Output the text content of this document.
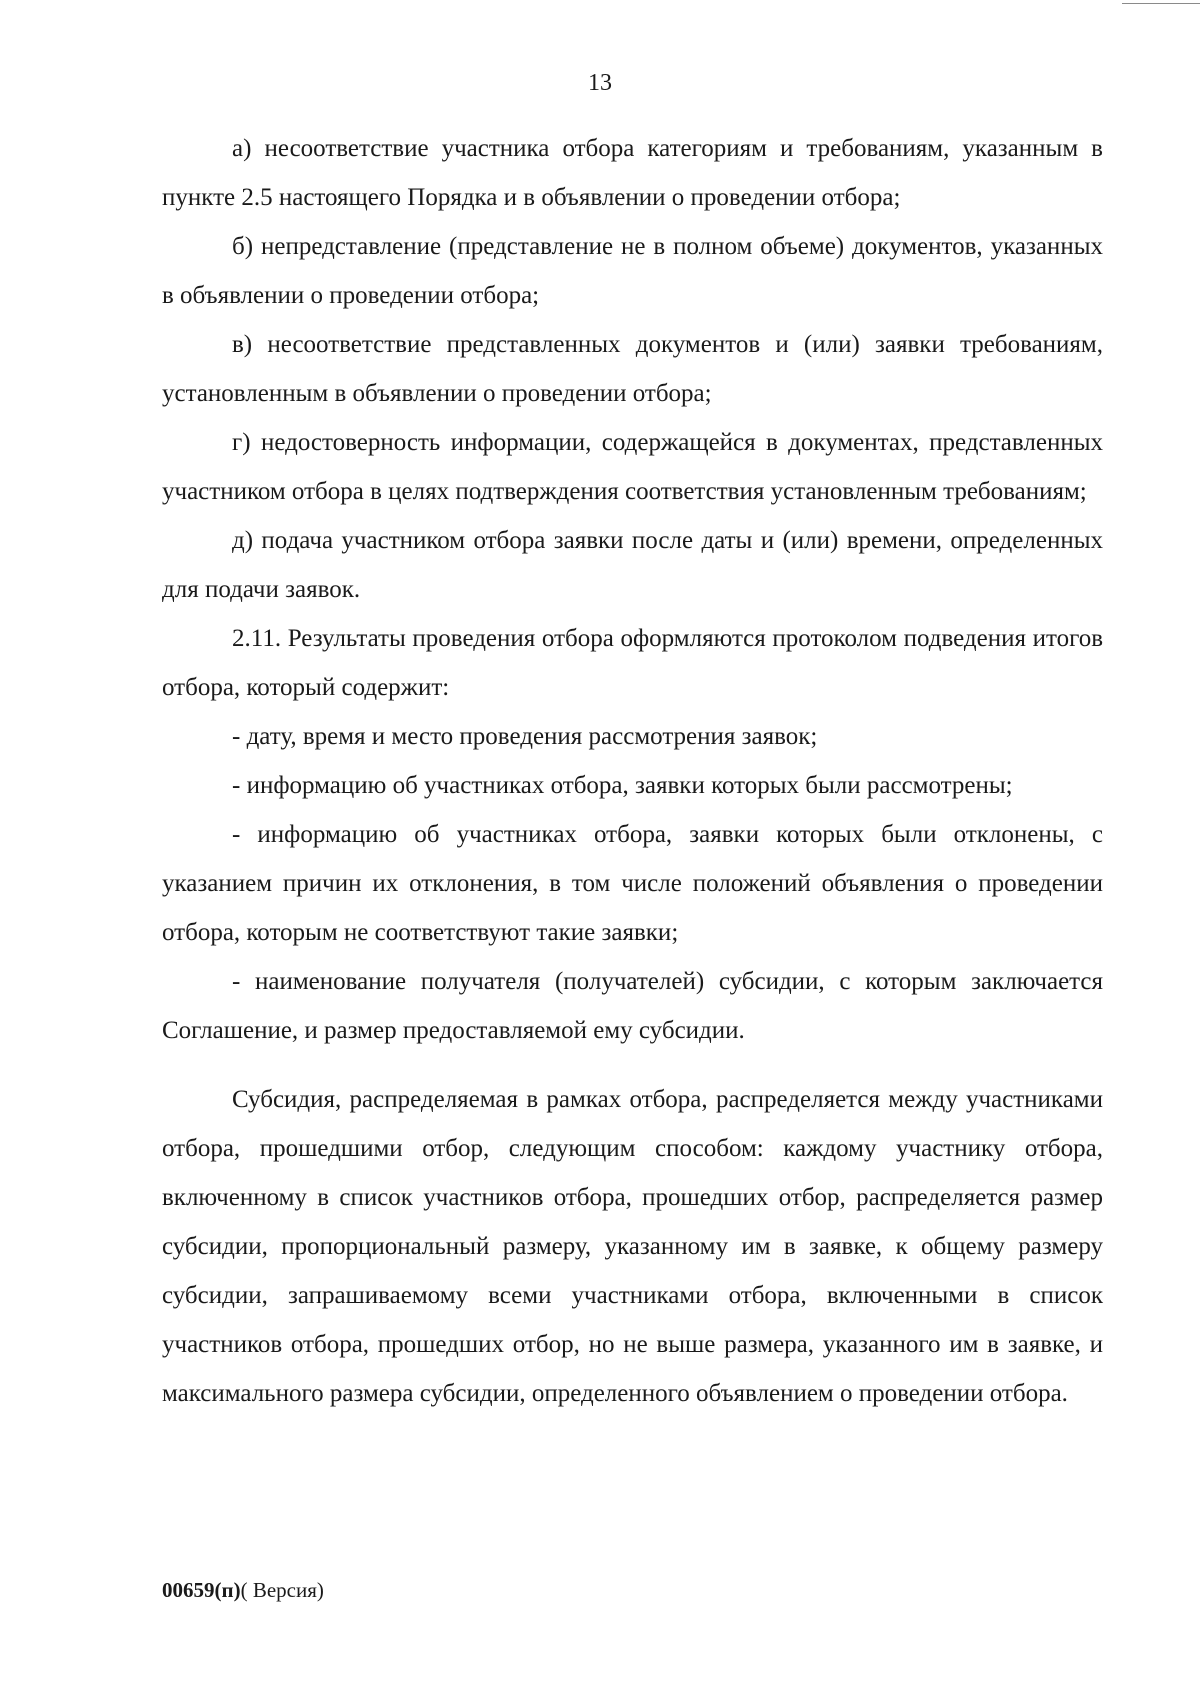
13

а) несоответствие участника отбора категориям и требованиям, указанным в пункте 2.5 настоящего Порядка и в объявлении о проведении отбора;

б) непредставление (представление не в полном объеме) документов, указанных в объявлении о проведении отбора;

в) несоответствие представленных документов и (или) заявки требованиям, установленным в объявлении о проведении отбора;

г) недостоверность информации, содержащейся в документах, представленных участником отбора в целях подтверждения соответствия установленным требованиям;

д) подача участником отбора заявки после даты и (или) времени, определенных для подачи заявок.

2.11. Результаты проведения отбора оформляются протоколом подведения итогов отбора, который содержит:

- дату, время и место проведения рассмотрения заявок;

- информацию об участниках отбора, заявки которых были рассмотрены;

- информацию об участниках отбора, заявки которых были отклонены, с указанием причин их отклонения, в том числе положений объявления о проведении отбора, которым не соответствуют такие заявки;

- наименование получателя (получателей) субсидии, с которым заключается Соглашение, и размер предоставляемой ему субсидии.

Субсидия, распределяемая в рамках отбора, распределяется между участниками отбора, прошедшими отбор, следующим способом: каждому участнику отбора, включенному в список участников отбора, прошедших отбор, распределяется размер субсидии, пропорциональный размеру, указанному им в заявке, к общему размеру субсидии, запрашиваемому всеми участниками отбора, включенными в список участников отбора, прошедших отбор, но не выше размера, указанного им в заявке, и максимального размера субсидии, определенного объявлением о проведении отбора.

00659(п)( Версия)
